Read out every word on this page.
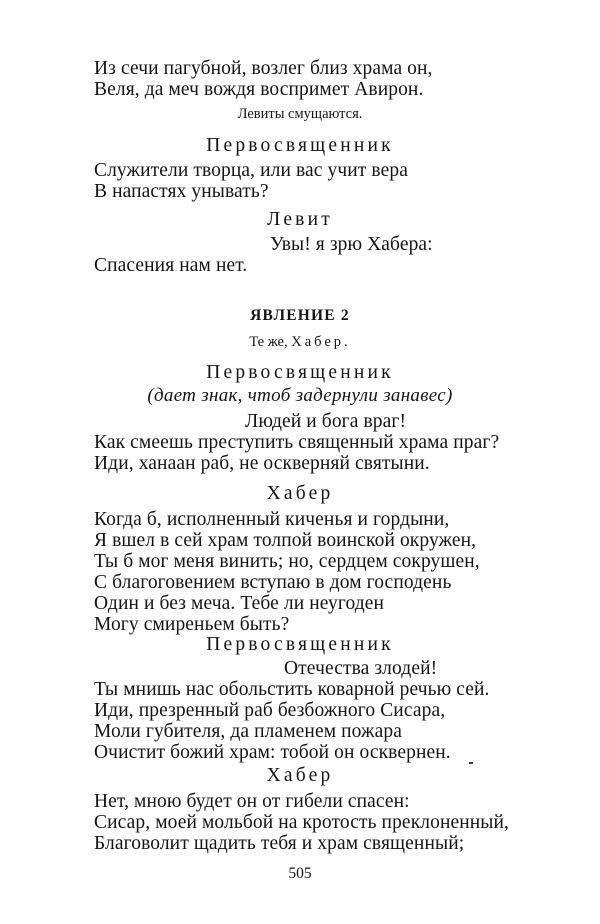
Из сечи пагубной, возлег близ храма он,
Веля, да меч вождя воспримет Авирон.
Левиты смущаются.
Первосвященник
Служители творца, или вас учит вера
В напастях унывать?
Левит
Увы! я зрю Хабера:
Спасения нам нет.
ЯВЛЕНИЕ 2
Те же, Хабер.
Первосвященник
(дает знак, чтоб задернули занавес)
Людей и бога враг!
Как смеешь преступить священный храма праг?
Иди, ханаан раб, не оскверняй святыни.
Хабер
Когда б, исполненный киченья и гордыни,
Я вшел в сей храм толпой воинской окружен,
Ты б мог меня винить; но, сердцем сокрушен,
С благоговением вступаю в дом господень
Один и без меча. Тебе ли неугоден
Могу смиреньем быть?
Первосвященник
Отечества злодей!
Ты мнишь нас обольстить коварной речью сей.
Иди, презренный раб безбожного Сисара,
Моли губителя, да пламенем пожара
Очистит божий храм: тобой он осквернен.
Хабер
Нет, мною будет он от гибели спасен:
Сисар, моей мольбой на кротость преклоненный,
Благоволит щадить тебя и храм священный;
505
